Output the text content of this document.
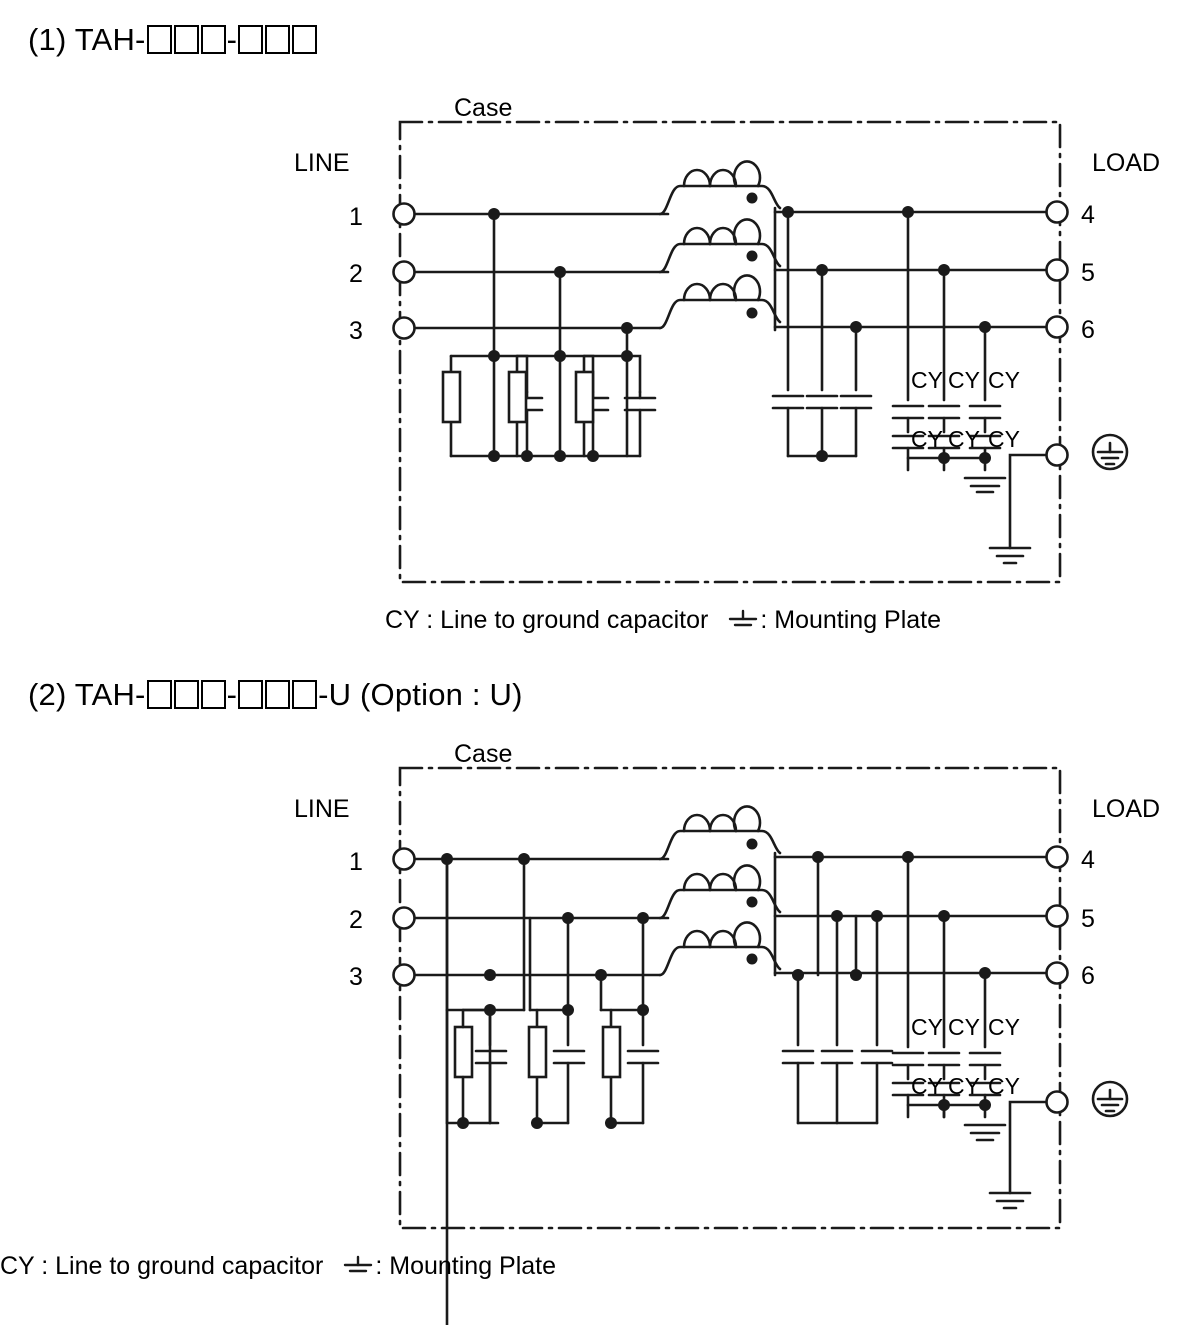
(1) TAH-	-
Case
LINE	LOAD
1
2
3
4
5
6
CY CY CY
CY CY CY
CY : Line to ground capacitor : Mounting Plate
(2) TAH-	-	-U (Option : U)
Case
LINE	LOAD
1
2
3
4
5
6
CY CY CY
CY CY CY
CY : Line to ground capacitor : Mounting Plate
